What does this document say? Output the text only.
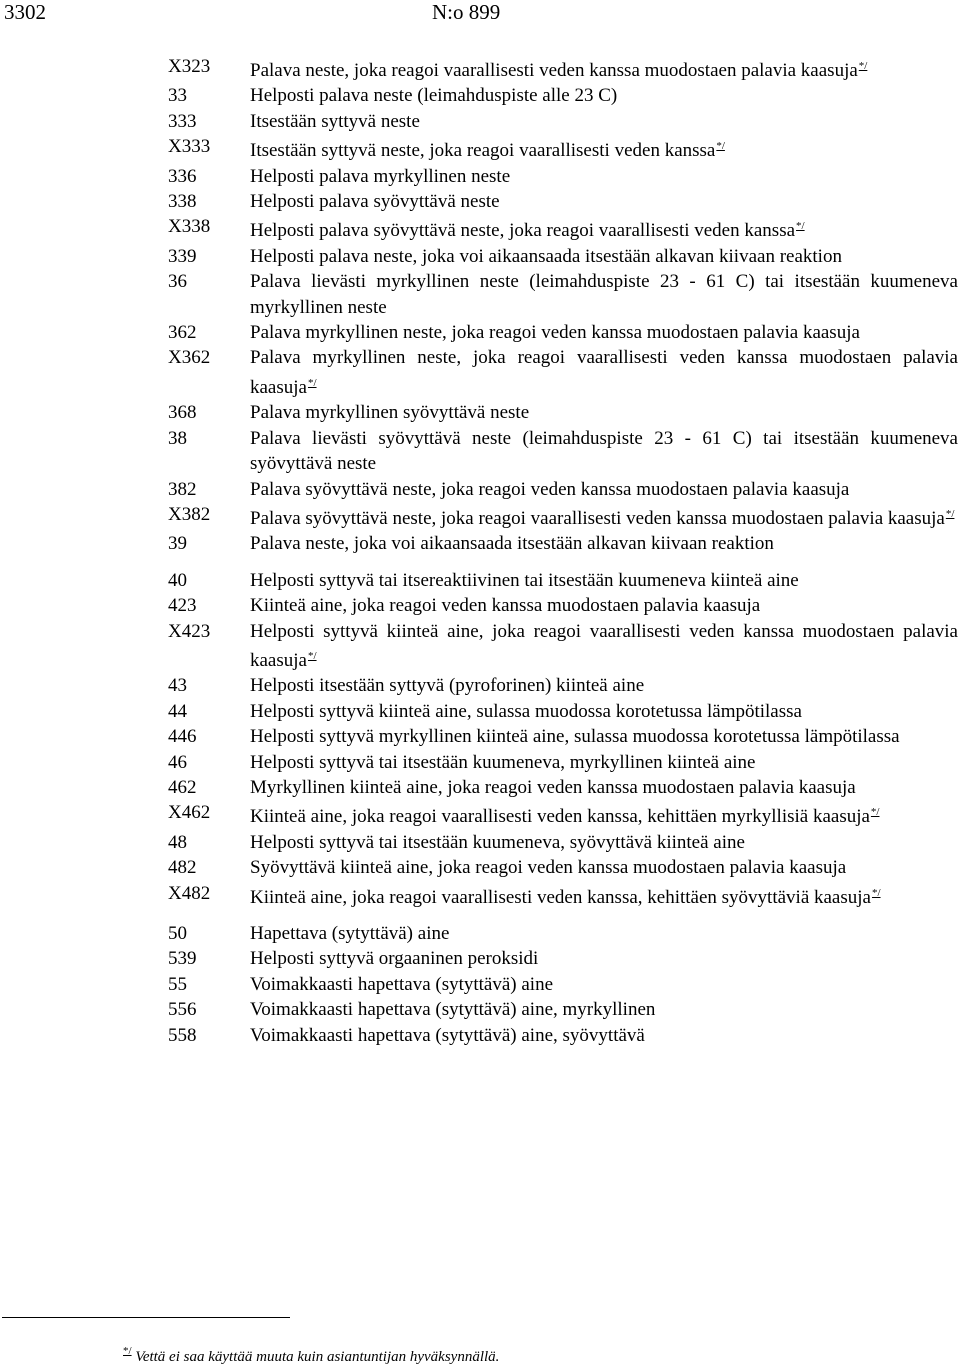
3302	N:o 899
X323	Palava neste, joka reagoi vaarallisesti veden kanssa muodostaen palavia kaasuja*/
33	Helposti palava neste (leimahduspiste alle 23 C)
333	Itsestään syttyvä neste
X333	Itsestään syttyvä neste, joka reagoi vaarallisesti veden kanssa*/
336	Helposti palava myrkyllinen neste
338	Helposti palava syövyttävä neste
X338	Helposti palava syövyttävä neste, joka reagoi vaarallisesti veden kanssa*/
339	Helposti palava neste, joka voi aikaansaada itsestään alkavan kiivaan reaktion
36	Palava lievästi myrkyllinen neste (leimahduspiste 23 - 61 C) tai itsestään kuumeneva myrkyllinen neste
362	Palava myrkyllinen neste, joka reagoi veden kanssa muodostaen palavia kaasuja
X362	Palava myrkyllinen neste, joka reagoi vaarallisesti veden kanssa muodostaen palavia kaasuja*/
368	Palava myrkyllinen syövyttävä neste
38	Palava lievästi syövyttävä neste (leimahduspiste 23 - 61 C) tai itsestään kuumeneva syövyttävä neste
382	Palava syövyttävä neste, joka reagoi veden kanssa muodostaen palavia kaasuja
X382	Palava syövyttävä neste, joka reagoi vaarallisesti veden kanssa muodostaen palavia kaasuja*/
39	Palava neste, joka voi aikaansaada itsestään alkavan kiivaan reaktion
40	Helposti syttyvä tai itsereaktiivinen tai itsestään kuumeneva kiinteä aine
423	Kiinteä aine, joka reagoi veden kanssa muodostaen palavia kaasuja
X423	Helposti syttyvä kiinteä aine, joka reagoi vaarallisesti veden kanssa muodostaen palavia kaasuja*/
43	Helposti itsestään syttyvä (pyroforinen) kiinteä aine
44	Helposti syttyvä kiinteä aine, sulassa muodossa korotetussa lämpötilassa
446	Helposti syttyvä myrkyllinen kiinteä aine, sulassa muodossa korotetussa lämpötilassa
46	Helposti syttyvä tai itsestään kuumeneva, myrkyllinen kiinteä aine
462	Myrkyllinen kiinteä aine, joka reagoi veden kanssa muodostaen palavia kaasuja
X462	Kiinteä aine, joka reagoi vaarallisesti veden kanssa, kehittäen myrkyllisiä kaasuja*/
48	Helposti syttyvä tai itsestään kuumeneva, syövyttävä kiinteä aine
482	Syövyttävä kiinteä aine, joka reagoi veden kanssa muodostaen palavia kaasuja
X482	Kiinteä aine, joka reagoi vaarallisesti veden kanssa, kehittäen syövyttäviä kaasuja*/
50	Hapettava (sytyttävä) aine
539	Helposti syttyvä orgaaninen peroksidi
55	Voimakkaasti hapettava (sytyttävä) aine
556	Voimakkaasti hapettava (sytyttävä) aine, myrkyllinen
558	Voimakkaasti hapettava (sytyttävä) aine, syövyttävä
*/ Vettä ei saa käyttää muuta kuin asiantuntijan hyväksynnällä.
